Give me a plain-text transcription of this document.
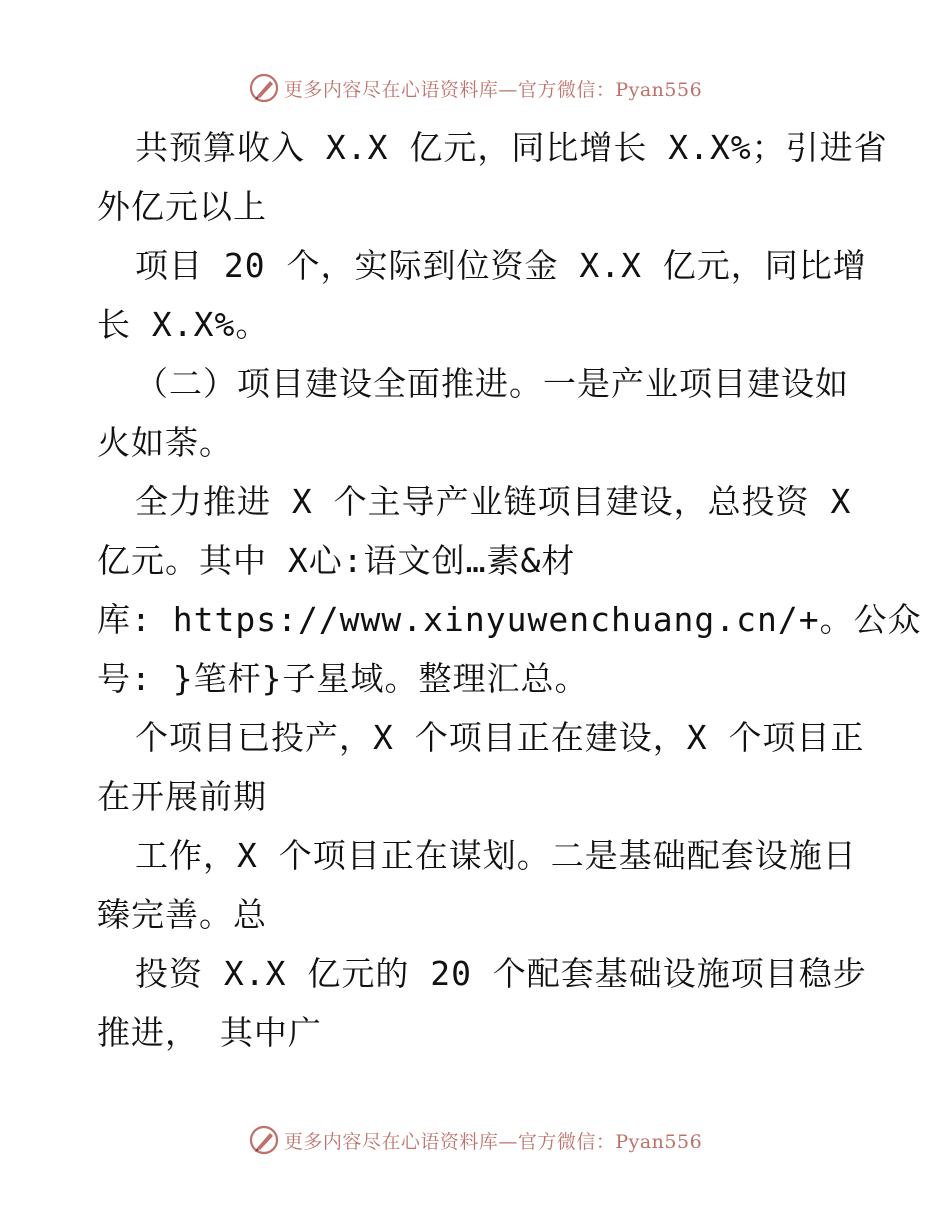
更多内容尽在心语资料库—官方微信：Pyan556
共预算收入 X.X 亿元，同比增长 X.X%；引进省
外亿元以上
项目 20 个，实际到位资金 X.X 亿元，同比增
长 X.X%。
（二）项目建设全面推进。一是产业项目建设如
火如荼。
全力推进 X 个主导产业链项目建设，总投资 X
亿元。其中 X心:语文创…素&材
库: https://www.xinyuwenchuang.cn/+。公众
号: }笔杆}子星域。整理汇总。
个项目已投产，X 个项目正在建设，X 个项目正
在开展前期
工作，X 个项目正在谋划。二是基础配套设施日
臻完善。总
投资 X.X 亿元的 20 个配套基础设施项目稳步
推进， 其中广
更多内容尽在心语资料库—官方微信：Pyan556
